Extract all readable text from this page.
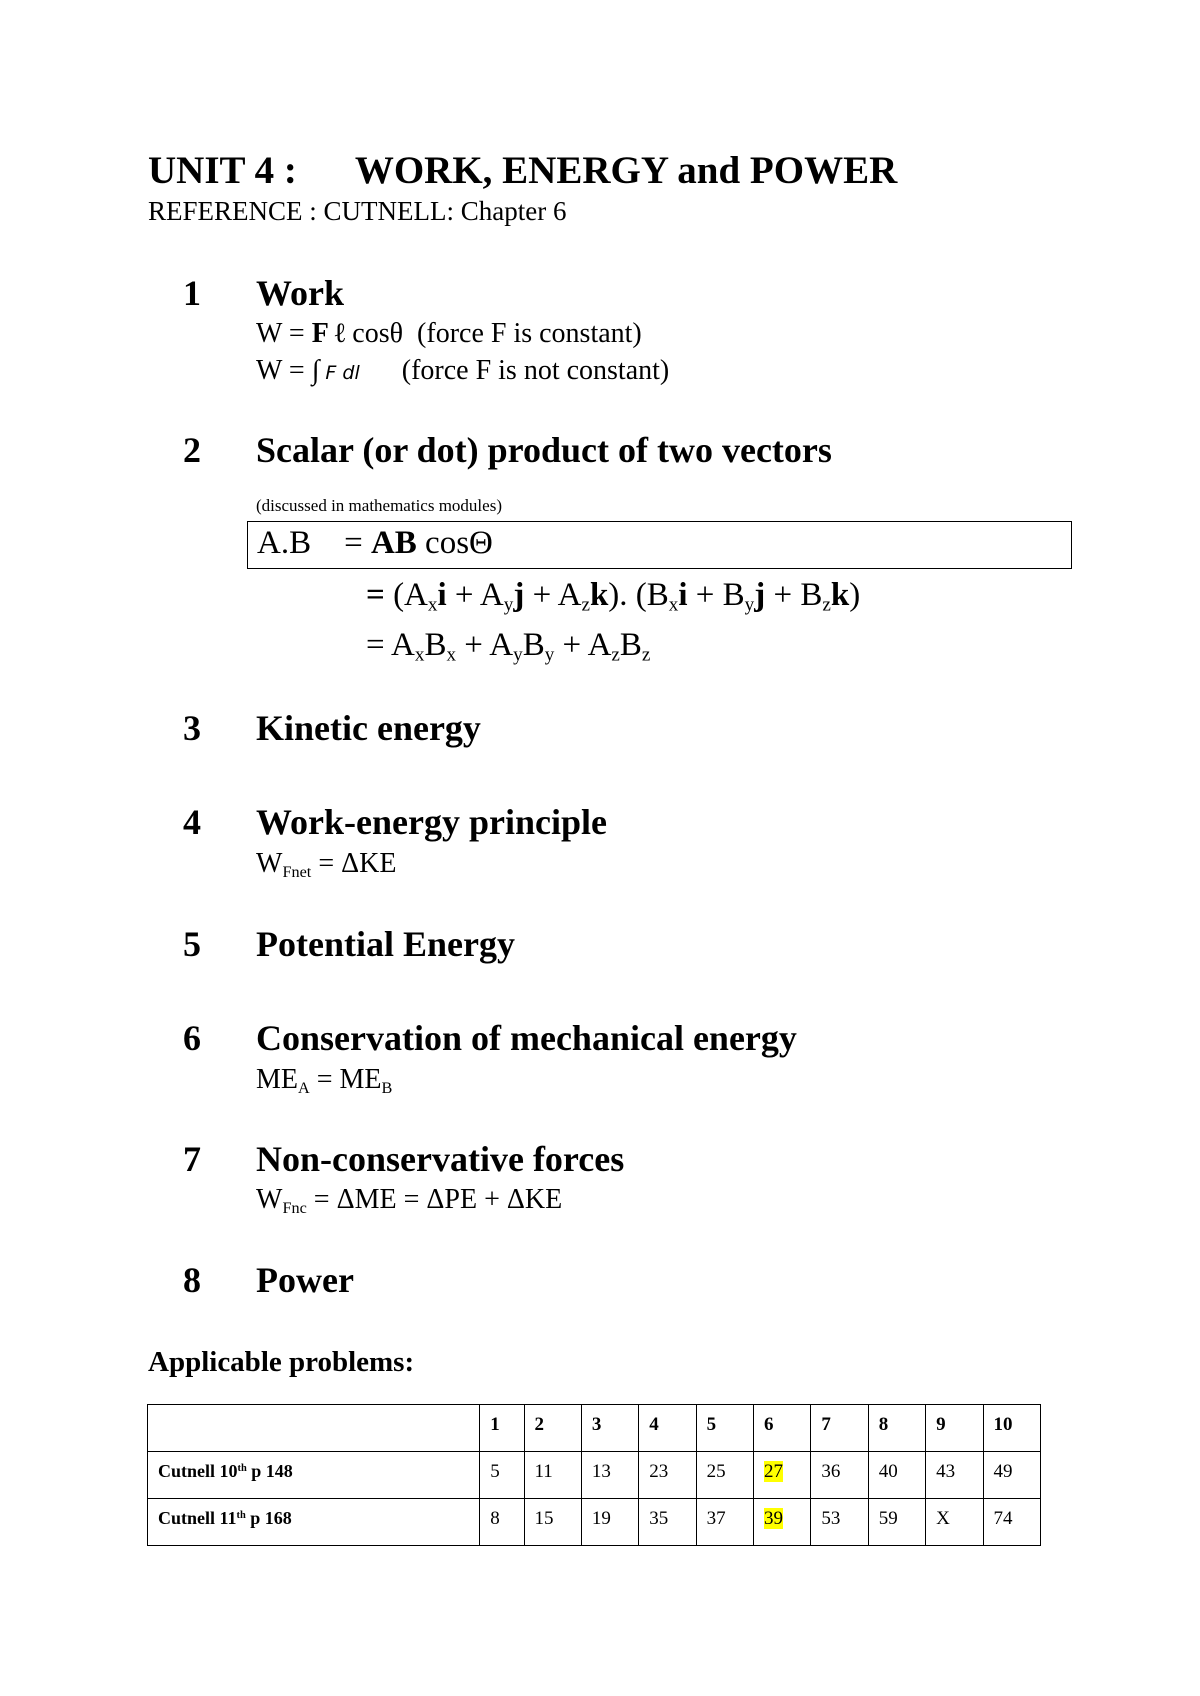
UNIT 4 : WORK, ENERGY and POWER
REFERENCE : CUTNELL: Chapter 6
1 Work
W = F ℓ cosθ  (force F is constant)
W = ∫ F dl (force F is not constant)
2 Scalar (or dot) product of two vectors
(discussed in mathematics modules)
A.B    = AB cosΘ
= $(A_xi + A_yj + A_zk)$. $(B_xi + B_yj + B_zk)$
= $A_xB_x + A_yB_y + A_zB_z$
3 Kinetic energy
4 Work-energy principle
$W_{Fnet} = \Delta KE$
5 Potential Energy
6 Conservation of mechanical energy
$ME_A = ME_B$
7 Non-conservative forces
$W_{Fnc} = \Delta ME = \Delta PE + \Delta KE$
8 Power
Applicable problems:
	1	2	3	4	5	6	7	8	9	10
Cutnell 10th p 148	5	11	13	23	25	27	36	40	43	49
Cutnell 11th p 168	8	15	19	35	37	39	53	59	X	74
